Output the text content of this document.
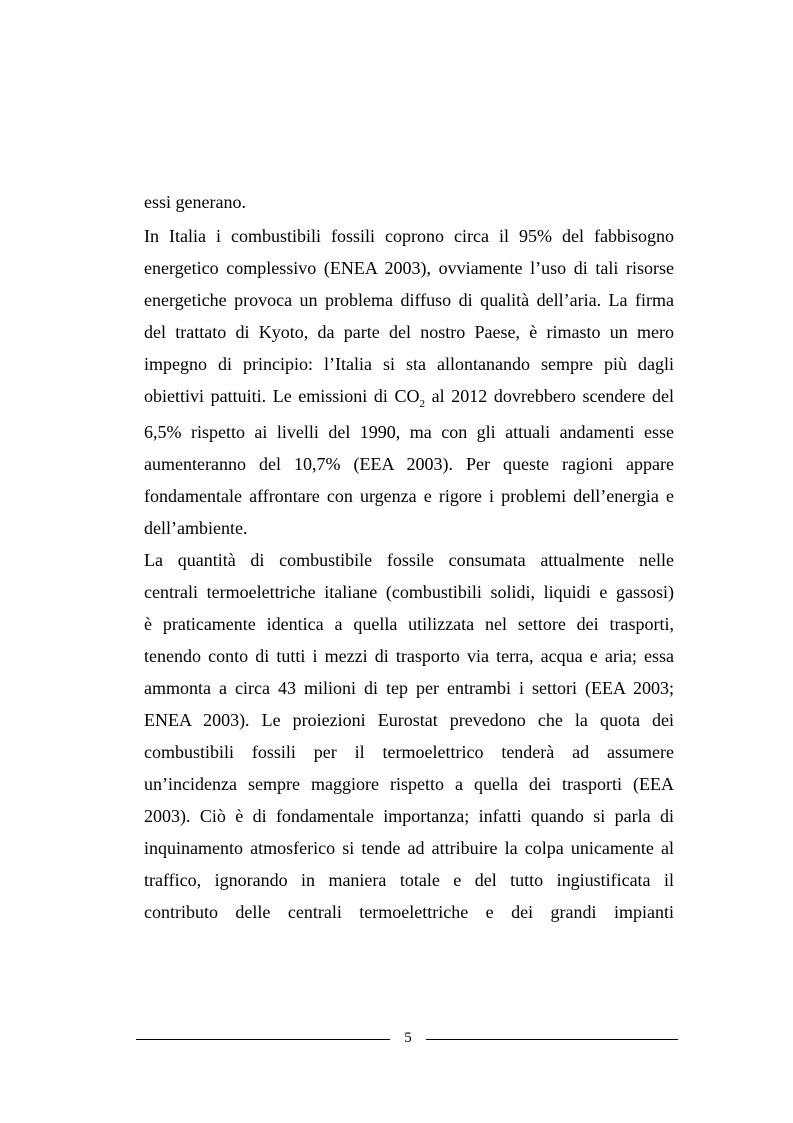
essi generano.
In Italia i combustibili fossili coprono circa il 95% del fabbisogno
energetico complessivo (ENEA 2003), ovviamente l’uso di tali risorse
energetiche provoca un problema diffuso di qualità dell’aria. La firma
del trattato di Kyoto, da parte del nostro Paese, è rimasto un mero
impegno di principio: l’Italia si sta allontanando sempre più dagli
obiettivi pattuiti. Le emissioni di $CO_2$ al 2012 dovrebbero scendere del
6,5% rispetto ai livelli del 1990, ma con gli attuali andamenti esse
aumenteranno del 10,7% (EEA 2003). Per queste ragioni appare
fondamentale affrontare con urgenza e rigore i problemi dell’energia e
dell’ambiente.
La quantità di combustibile fossile consumata attualmente nelle
centrali termoelettriche italiane (combustibili solidi, liquidi e gassosi)
è praticamente identica a quella utilizzata nel settore dei trasporti,
tenendo conto di tutti i mezzi di trasporto via terra, acqua e aria; essa
ammonta a circa 43 milioni di tep per entrambi i settori (EEA 2003;
ENEA 2003). Le proiezioni Eurostat prevedono che la quota dei
combustibili fossili per il termoelettrico tenderà ad assumere
un’incidenza sempre maggiore rispetto a quella dei trasporti (EEA
2003). Ciò è di fondamentale importanza; infatti quando si parla di
inquinamento atmosferico si tende ad attribuire la colpa unicamente al
traffico, ignorando in maniera totale e del tutto ingiustificata il
contributo delle centrali termoelettriche e dei grandi impianti
5
